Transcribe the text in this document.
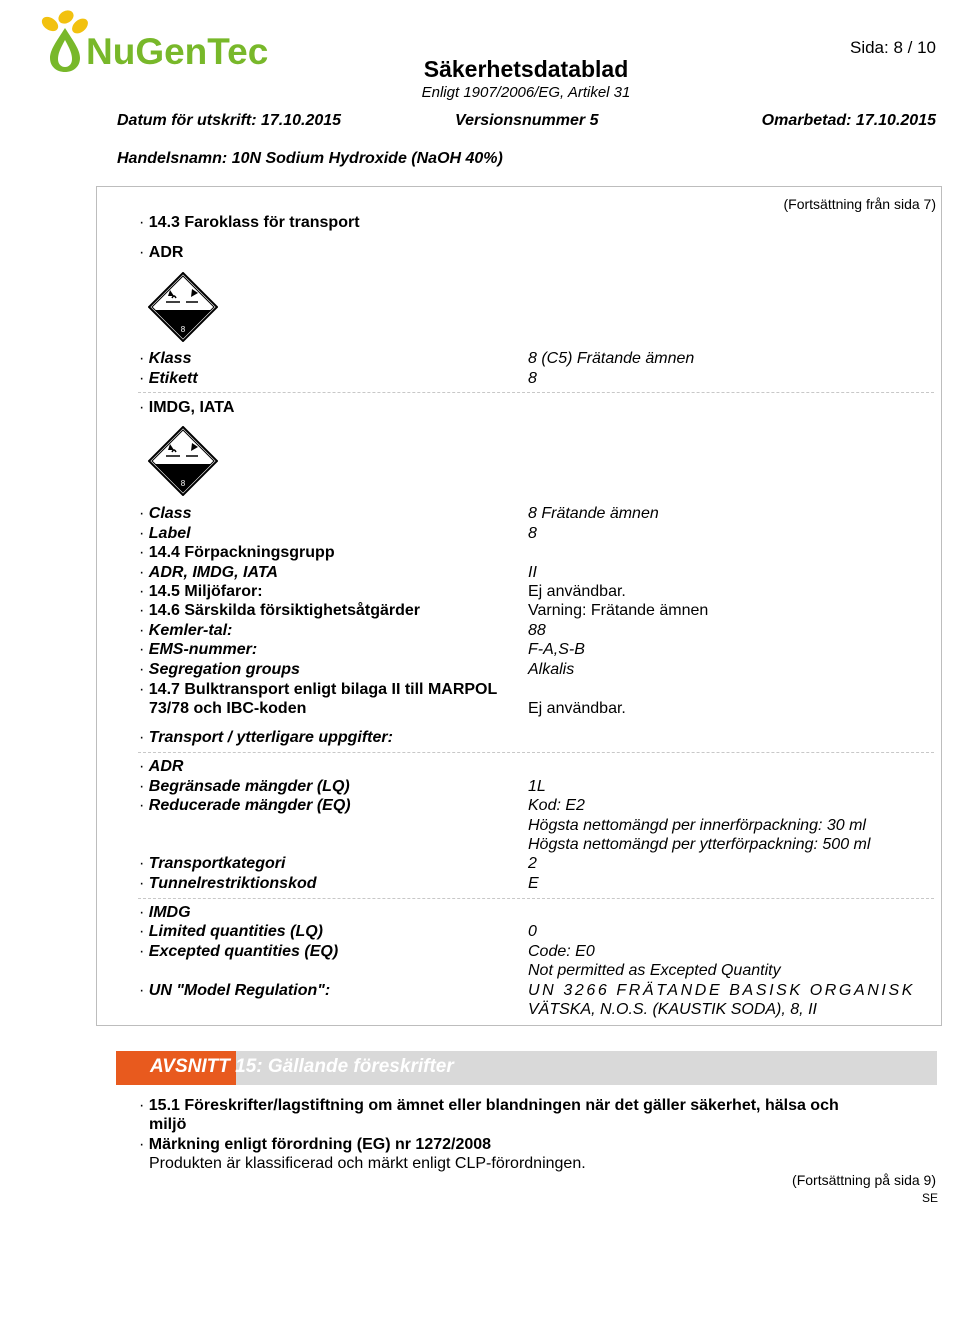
NuGenTec	Säkerhetsdatablad
Enligt 1907/2006/EG, Artikel 31
Sida: 8 / 10
Datum för utskrift: 17.10.2015	Versionsnummer 5	Omarbetad: 17.10.2015
Handelsnamn: 10N Sodium Hydroxide (NaOH 40%)
(Fortsättning från sida 7)
· 14.3 Faroklass för transport
· ADR
8
· Klass	8 (C5) Frätande ämnen
· Etikett	8
· IMDG, IATA
8
· Class	8 Frätande ämnen
· Label	8
· 14.4 Förpackningsgrupp
· ADR, IMDG, IATA	II
· 14.5 Miljöfaror:	Ej användbar.
· 14.6 Särskilda försiktighetsåtgärder	Varning: Frätande ämnen
· Kemler-tal:	88
· EMS-nummer:	F-A,S-B
· Segregation groups	Alkalis
· 14.7 Bulktransport enligt bilaga II till MARPOL
73/78 och IBC-koden	Ej användbar.
· Transport / ytterligare uppgifter:
· ADR
· Begränsade mängder (LQ)	1L
· Reducerade mängder (EQ)	Kod: E2
Högsta nettomängd per innerförpackning: 30 ml
Högsta nettomängd per ytterförpackning: 500 ml
· Transportkategori	2
· Tunnelrestriktionskod	E
· IMDG
· Limited quantities (LQ)	0
· Excepted quantities (EQ)	Code: E0
Not permitted as Excepted Quantity
· UN "Model Regulation":	UN 3266 FRÄTANDE BASISK ORGANISK
VÄTSKA, N.O.S. (KAUSTIK SODA), 8, II
AVSNITT 15: Gällande föreskrifter
· 15.1 Föreskrifter/lagstiftning om ämnet eller blandningen när det gäller säkerhet, hälsa och
miljö
· Märkning enligt förordning (EG) nr 1272/2008
Produkten är klassificerad och märkt enligt CLP-förordningen.
(Fortsättning på sida 9)
SE
